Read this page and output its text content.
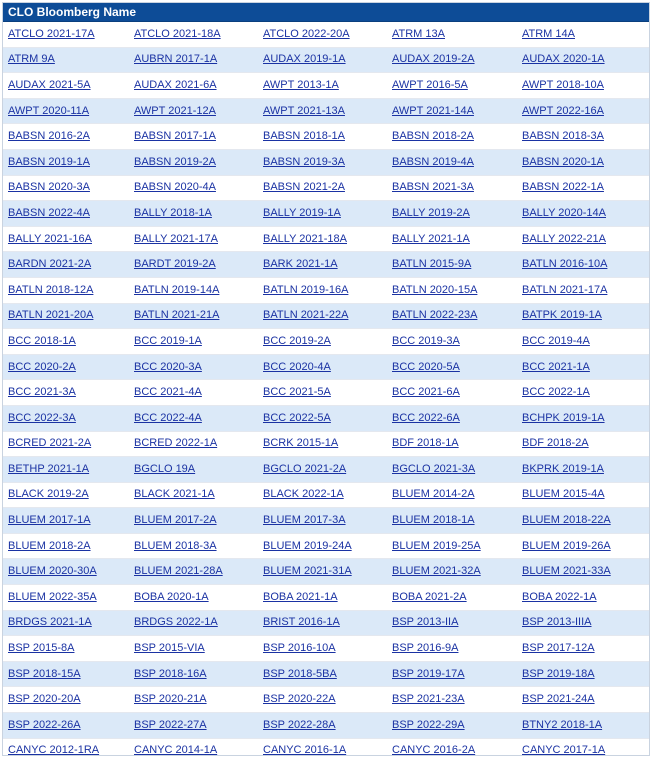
CLO Bloomberg Name
ATCLO 2021-17A	ATCLO 2021-18A	ATCLO 2022-20A	ATRM 13A	ATRM 14A
ATRM 9A	AUBRN 2017-1A	AUDAX 2019-1A	AUDAX 2019-2A	AUDAX 2020-1A
AUDAX 2021-5A	AUDAX 2021-6A	AWPT 2013-1A	AWPT 2016-5A	AWPT 2018-10A
AWPT 2020-11A	AWPT 2021-12A	AWPT 2021-13A	AWPT 2021-14A	AWPT 2022-16A
BABSN 2016-2A	BABSN 2017-1A	BABSN 2018-1A	BABSN 2018-2A	BABSN 2018-3A
BABSN 2019-1A	BABSN 2019-2A	BABSN 2019-3A	BABSN 2019-4A	BABSN 2020-1A
BABSN 2020-3A	BABSN 2020-4A	BABSN 2021-2A	BABSN 2021-3A	BABSN 2022-1A
BABSN 2022-4A	BALLY 2018-1A	BALLY 2019-1A	BALLY 2019-2A	BALLY 2020-14A
BALLY 2021-16A	BALLY 2021-17A	BALLY 2021-18A	BALLY 2021-1A	BALLY 2022-21A
BARDN 2021-2A	BARDT 2019-2A	BARK 2021-1A	BATLN 2015-9A	BATLN 2016-10A
BATLN 2018-12A	BATLN 2019-14A	BATLN 2019-16A	BATLN 2020-15A	BATLN 2021-17A
BATLN 2021-20A	BATLN 2021-21A	BATLN 2021-22A	BATLN 2022-23A	BATPK 2019-1A
BCC 2018-1A	BCC 2019-1A	BCC 2019-2A	BCC 2019-3A	BCC 2019-4A
BCC 2020-2A	BCC 2020-3A	BCC 2020-4A	BCC 2020-5A	BCC 2021-1A
BCC 2021-3A	BCC 2021-4A	BCC 2021-5A	BCC 2021-6A	BCC 2022-1A
BCC 2022-3A	BCC 2022-4A	BCC 2022-5A	BCC 2022-6A	BCHPK 2019-1A
BCRED 2021-2A	BCRED 2022-1A	BCRK 2015-1A	BDF 2018-1A	BDF 2018-2A
BETHP 2021-1A	BGCLO 19A	BGCLO 2021-2A	BGCLO 2021-3A	BKPRK 2019-1A
BLACK 2019-2A	BLACK 2021-1A	BLACK 2022-1A	BLUEM 2014-2A	BLUEM 2015-4A
BLUEM 2017-1A	BLUEM 2017-2A	BLUEM 2017-3A	BLUEM 2018-1A	BLUEM 2018-22A
BLUEM 2018-2A	BLUEM 2018-3A	BLUEM 2019-24A	BLUEM 2019-25A	BLUEM 2019-26A
BLUEM 2020-30A	BLUEM 2021-28A	BLUEM 2021-31A	BLUEM 2021-32A	BLUEM 2021-33A
BLUEM 2022-35A	BOBA 2020-1A	BOBA 2021-1A	BOBA 2021-2A	BOBA 2022-1A
BRDGS 2021-1A	BRDGS 2022-1A	BRIST 2016-1A	BSP 2013-IIA	BSP 2013-IIIA
BSP 2015-8A	BSP 2015-VIA	BSP 2016-10A	BSP 2016-9A	BSP 2017-12A
BSP 2018-15A	BSP 2018-16A	BSP 2018-5BA	BSP 2019-17A	BSP 2019-18A
BSP 2020-20A	BSP 2020-21A	BSP 2020-22A	BSP 2021-23A	BSP 2021-24A
BSP 2022-26A	BSP 2022-27A	BSP 2022-28A	BSP 2022-29A	BTNY2 2018-1A
CANYC 2012-1RA	CANYC 2014-1A	CANYC 2016-1A	CANYC 2016-2A	CANYC 2017-1A
